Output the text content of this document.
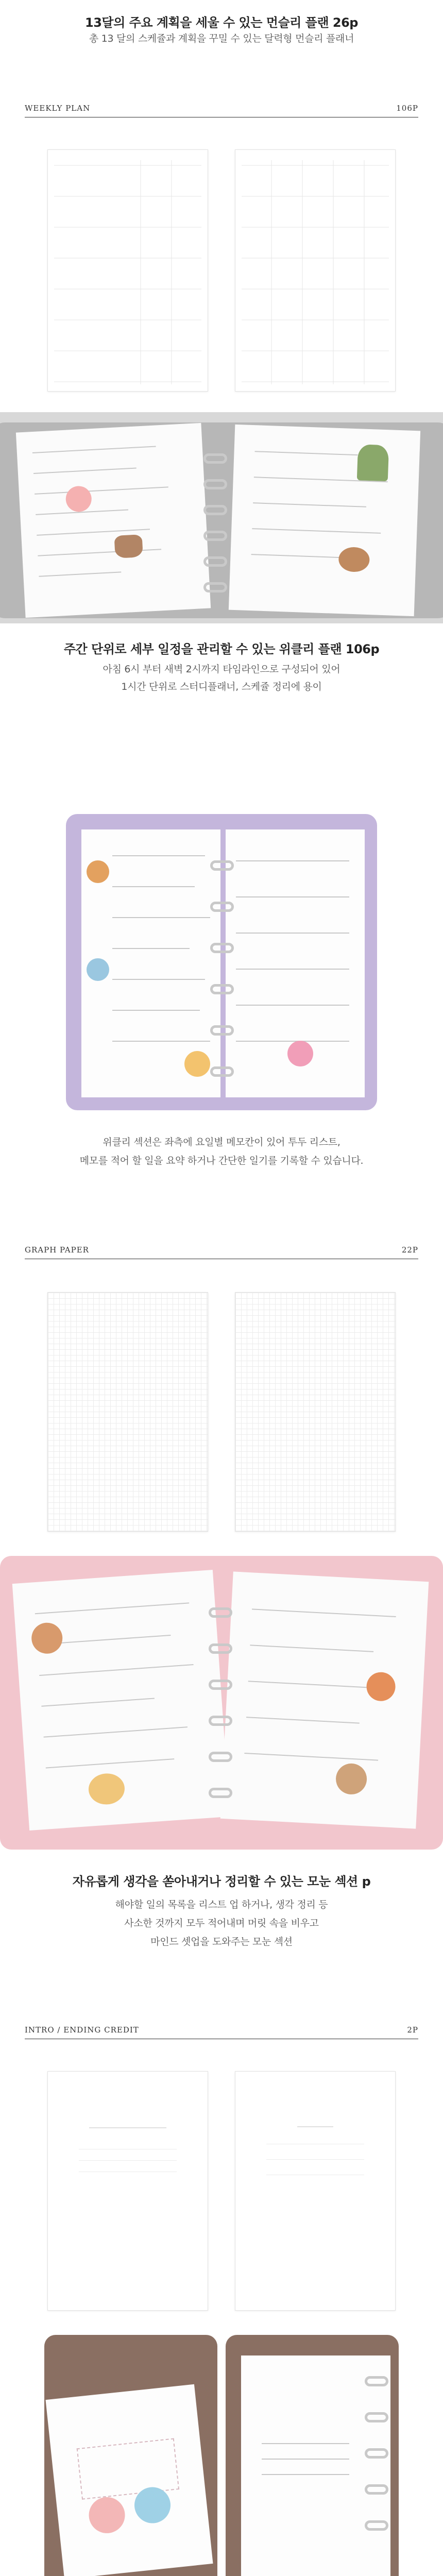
13달의 주요 계획을 세울 수 있는 먼슬리 플랜 26p
총 13 달의 스케쥴과 계획을 꾸밀 수 있는 달력형 먼슬리 플래너
WEEKLY PLAN	106P
주간 단위로 세부 일정을 관리할 수 있는 위클리 플랜 106p
아침 6시 부터 새벽 2시까지 타임라인으로 구성되어 있어
1시간 단위로 스터디플래너, 스케쥴 정리에 용이
위클리 섹션은 좌측에 요일별 메모칸이 있어 투두 리스트,
메모를 적어 할 일을 요약 하거나 간단한 일기를 기록할 수 있습니다.
GRAPH PAPER	22P
자유롭게 생각을 쏟아내거나 정리할 수 있는 모눈 섹션 p
해야할 일의 목록을 리스트 업 하거나, 생각 정리 등
사소한 것까지 모두 적어내며 머릿 속을 비우고
마인드 셋업을 도와주는 모눈 섹션
INTRO / ENDING CREDIT	2P
